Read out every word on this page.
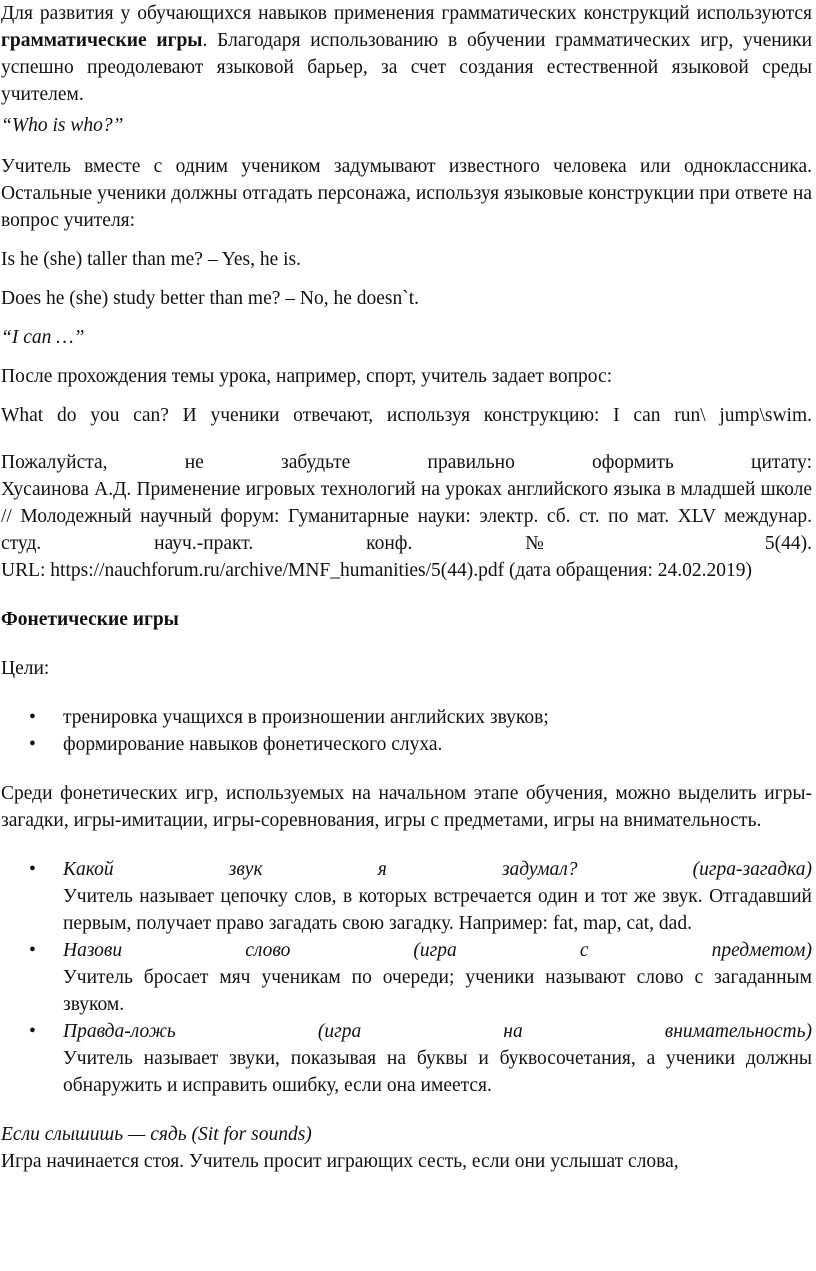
Для развития у обучающихся навыков применения грамматических конструкций используются грамматические игры. Благодаря использованию в обучении грамматических игр, ученики успешно преодолевают языковой барьер, за счет создания естественной языковой среды учителем.

“Who is who?”

Учитель вместе с одним учеником задумывают известного человека или одноклассника. Остальные ученики должны отгадать персонажа, используя языковые конструкции при ответе на вопрос учителя:

Is he (she) taller than me? – Yes, he is.

Does he (she) study better than me? – No, he doesn`t.

“I can …”

После прохождения темы урока, например, спорт, учитель задает вопрос:

What do you can? И ученики отвечают, используя конструкцию: I can run\ jump\swim.

Пожалуйста, не забудьте правильно оформить цитату:

Хусаинова А.Д. Применение игровых технологий на уроках английского языка в младшей школе // Молодежный научный форум: Гуманитарные науки: электр. сб. ст. по мат. XLV междунар. студ. науч.-практ. конф. № 5(44).

URL: https://nauchforum.ru/archive/MNF_humanities/5(44).pdf (дата обращения: 24.02.2019)

Фонетические игры

Цели:

• тренировка учащихся в произношении английских звуков;
• формирование навыков фонетического слуха.

Среди фонетических игр, используемых на начальном этапе обучения, можно выделить игры-загадки, игры-имитации, игры-соревнования, игры с предметами, игры на внимательность.

• Какой звук я задумал? (игра-загадка)
Учитель называет цепочку слов, в которых встречается один и тот же звук. Отгадавший первым, получает право загадать свою загадку. Например: fat, map, cat, dad.
• Назови слово (игра с предметом)
Учитель бросает мяч ученикам по очереди; ученики называют слово с загаданным звуком.
• Правда-ложь (игра на внимательность)
Учитель называет звуки, показывая на буквы и буквосочетания, а ученики должны обнаружить и исправить ошибку, если она имеется.

Если слышишь — сядь (Sit for sounds)

Игра начинается стоя. Учитель просит играющих сесть, если они услышат слова,
